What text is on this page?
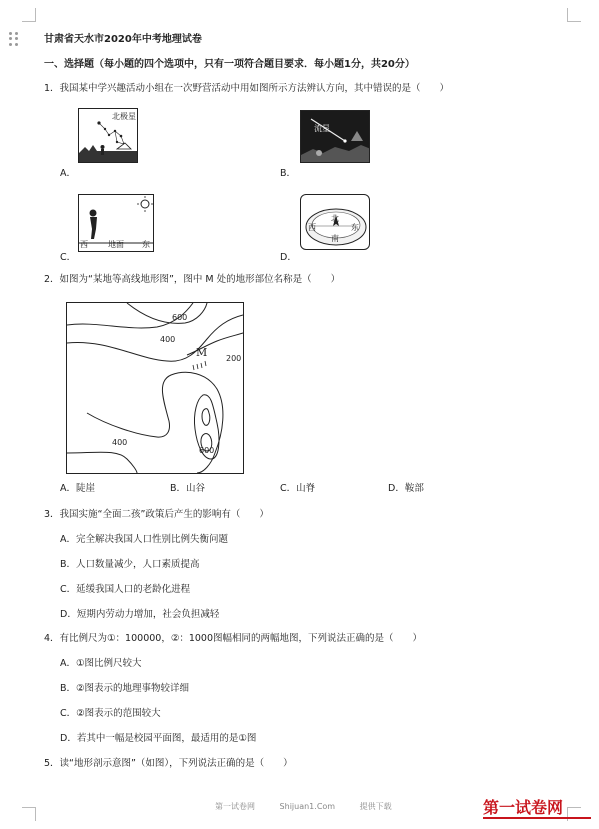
甘肃省天水市2020年中考地理试卷
一、选择题（每小题的四个选项中，只有一项符合题目要求．每小题1分，共20分）
1．我国某中学兴趣活动小组在一次野营活动中用如图所示方法辨认方向，其中错误的是（　　）
北极星
A．
流星
B．
西	地面 东
C．
北
西	东
南
D．
2．如图为“某地等高线地形图”，图中 M 处的地形部位名称是（　　）
600
400
M 200
400
600
A．陡崖	B．山谷	C．山脊	D．鞍部
3．我国实施“全面二孩”政策后产生的影响有（　　）
A．完全解决我国人口性别比例失衡问题
B．人口数量减少，人口素质提高
C．延缓我国人口的老龄化进程
D．短期内劳动力增加，社会负担减轻
4．有比例尺为①：100000，②：1000图幅相同的两幅地图，下列说法正确的是（　　）
A．①图比例尺较大
B．②图表示的地理事物较详细
C．②图表示的范围较大
D．若其中一幅是校园平面图，最适用的是①图
5．读“地形剖示意图”（如图），下列说法正确的是（　　）
第一试卷网	Shijuan1.Com	提供下载	第一试卷网
